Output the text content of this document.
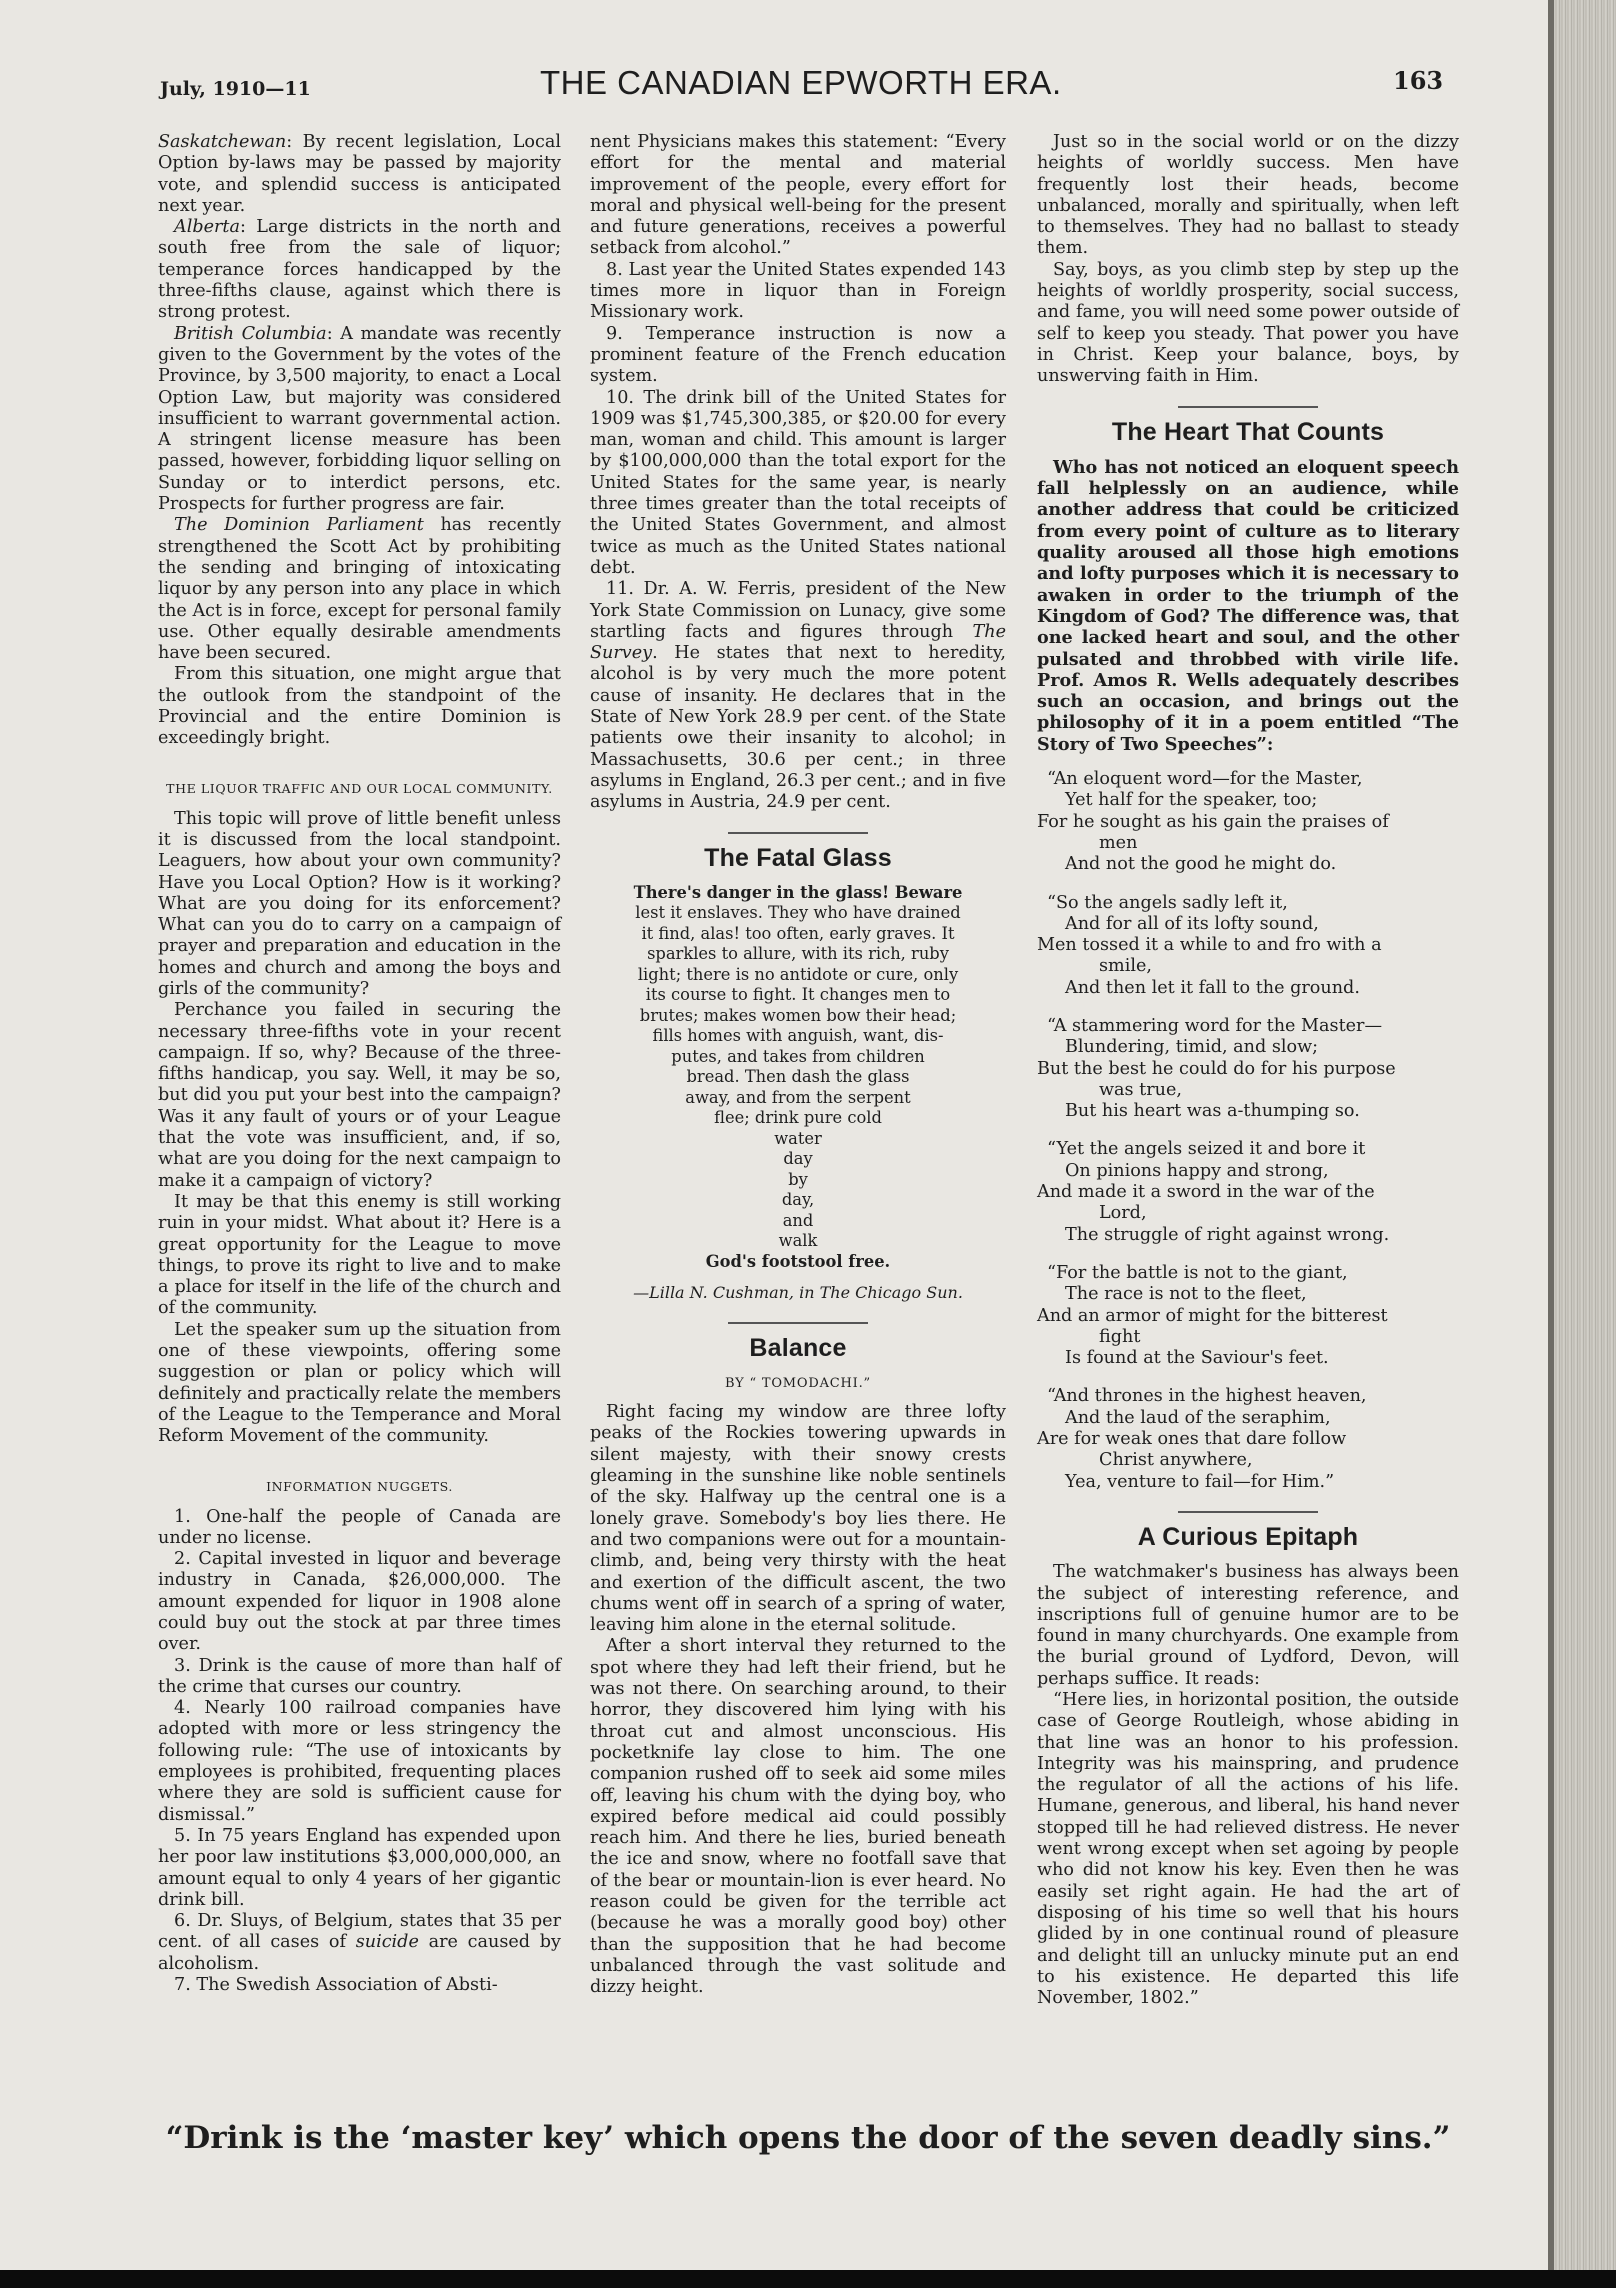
July, 1910—11	THE CANADIAN EPWORTH ERA.	163

Saskatchewan: By recent legislation, Local Option by-laws may be passed by majority vote, and splendid success is anticipated next year.

Alberta: Large districts in the north and south free from the sale of liquor; temperance forces handicapped by the three-fifths clause, against which there is strong protest.

British Columbia: A mandate was recently given to the Government by the votes of the Province, by 3,500 majority, to enact a Local Option Law, but majority was considered insufficient to warrant governmental action. A stringent license measure has been passed, however, forbidding liquor selling on Sunday or to interdict persons, etc. Prospects for further progress are fair.

The Dominion Parliament has recently strengthened the Scott Act by prohibiting the sending and bringing of intoxicating liquor by any person into any place in which the Act is in force, except for personal family use. Other equally desirable amendments have been secured.

From this situation, one might argue that the outlook from the standpoint of the Provincial and the entire Dominion is exceedingly bright.

THE LIQUOR TRAFFIC AND OUR LOCAL COMMUNITY.

This topic will prove of little benefit unless it is discussed from the local standpoint. Leaguers, how about your own community? Have you Local Option? How is it working? What are you doing for its enforcement? What can you do to carry on a campaign of prayer and preparation and education in the homes and church and among the boys and girls of the community?

Perchance you failed in securing the necessary three-fifths vote in your recent campaign. If so, why? Because of the three-fifths handicap, you say. Well, it may be so, but did you put your best into the campaign? Was it any fault of yours or of your League that the vote was insufficient, and, if so, what are you doing for the next campaign to make it a campaign of victory?

It may be that this enemy is still working ruin in your midst. What about it? Here is a great opportunity for the League to move things, to prove its right to live and to make a place for itself in the life of the church and of the community.

Let the speaker sum up the situation from one of these viewpoints, offering some suggestion or plan or policy which will definitely and practically relate the members of the League to the Temperance and Moral Reform Movement of the community.

INFORMATION NUGGETS.

1. One-half the people of Canada are under no license.

2. Capital invested in liquor and beverage industry in Canada, $26,000,000. The amount expended for liquor in 1908 alone could buy out the stock at par three times over.

3. Drink is the cause of more than half of the crime that curses our country.

4. Nearly 100 railroad companies have adopted with more or less stringency the following rule: “The use of intoxicants by employees is prohibited, frequenting places where they are sold is sufficient cause for dismissal.”

5. In 75 years England has expended upon her poor law institutions $3,000,000,000, an amount equal to only 4 years of her gigantic drink bill.

6. Dr. Sluys, of Belgium, states that 35 per cent. of all cases of suicide are caused by alcoholism.

7. The Swedish Association of Absti-

nent Physicians makes this statement: “Every effort for the mental and material improvement of the people, every effort for moral and physical well-being for the present and future generations, receives a powerful setback from alcohol.”

8. Last year the United States expended 143 times more in liquor than in Foreign Missionary work.

9. Temperance instruction is now a prominent feature of the French education system.

10. The drink bill of the United States for 1909 was $1,745,300,385, or $20.00 for every man, woman and child. This amount is larger by $100,000,000 than the total export for the United States for the same year, is nearly three times greater than the total receipts of the United States Government, and almost twice as much as the United States national debt.

11. Dr. A. W. Ferris, president of the New York State Commission on Lunacy, give some startling facts and figures through The Survey. He states that next to heredity, alcohol is by very much the more potent cause of insanity. He declares that in the State of New York 28.9 per cent. of the State patients owe their insanity to alcohol; in Massachusetts, 30.6 per cent.; in three asylums in England, 26.3 per cent.; and in five asylums in Austria, 24.9 per cent.

The Fatal Glass
There's danger in the glass! Beware
lest it enslaves. They who have drained
it find, alas! too often, early graves. It
sparkles to allure, with its rich, ruby
light; there is no antidote or cure, only
its course to fight. It changes men to
brutes; makes women bow their head;
fills homes with anguish, want, dis-
putes, and takes from children
bread. Then dash the glass
away, and from the serpent
flee; drink pure cold
water
day
by
day,
and
walk
God's footstool free.
—Lilla N. Cushman, in The Chicago Sun.
Balance
BY “ TOMODACHI.”

Right facing my window are three lofty peaks of the Rockies towering upwards in silent majesty, with their snowy crests gleaming in the sunshine like noble sentinels of the sky. Halfway up the central one is a lonely grave. Somebody's boy lies there. He and two companions were out for a mountain-climb, and, being very thirsty with the heat and exertion of the difficult ascent, the two chums went off in search of a spring of water, leaving him alone in the eternal solitude.

After a short interval they returned to the spot where they had left their friend, but he was not there. On searching around, to their horror, they discovered him lying with his throat cut and almost unconscious. His pocketknife lay close to him. The one companion rushed off to seek aid some miles off, leaving his chum with the dying boy, who expired before medical aid could possibly reach him. And there he lies, buried beneath the ice and snow, where no footfall save that of the bear or mountain-lion is ever heard. No reason could be given for the terrible act (because he was a morally good boy) other than the supposition that he had become unbalanced through the vast solitude and dizzy height.

Just so in the social world or on the dizzy heights of worldly success. Men have frequently lost their heads, become unbalanced, morally and spiritually, when left to themselves. They had no ballast to steady them.

Say, boys, as you climb step by step up the heights of worldly prosperity, social success, and fame, you will need some power outside of self to keep you steady. That power you have in Christ. Keep your balance, boys, by unswerving faith in Him.

The Heart That Counts

Who has not noticed an eloquent speech fall helplessly on an audience, while another address that could be criticized from every point of culture as to literary quality aroused all those high emotions and lofty purposes which it is necessary to awaken in order to the triumph of the Kingdom of God? The difference was, that one lacked heart and soul, and the other pulsated and throbbed with virile life. Prof. Amos R. Wells adequately describes such an occasion, and brings out the philosophy of it in a poem entitled “The Story of Two Speeches”:

“An eloquent word—for the Master,
Yet half for the speaker, too;
For he sought as his gain the praises of
men
And not the good he might do.
“So the angels sadly left it,
And for all of its lofty sound,
Men tossed it a while to and fro with a
smile,
And then let it fall to the ground.
“A stammering word for the Master—
Blundering, timid, and slow;
But the best he could do for his purpose
was true,
But his heart was a-thumping so.
“Yet the angels seized it and bore it
On pinions happy and strong,
And made it a sword in the war of the
Lord,
The struggle of right against wrong.
“For the battle is not to the giant,
The race is not to the fleet,
And an armor of might for the bitterest
fight
Is found at the Saviour's feet.
“And thrones in the highest heaven,
And the laud of the seraphim,
Are for weak ones that dare follow
Christ anywhere,
Yea, venture to fail—for Him.”
A Curious Epitaph

The watchmaker's business has always been the subject of interesting reference, and inscriptions full of genuine humor are to be found in many churchyards. One example from the burial ground of Lydford, Devon, will perhaps suffice. It reads:

“Here lies, in horizontal position, the outside case of George Routleigh, whose abiding in that line was an honor to his profession. Integrity was his mainspring, and prudence the regulator of all the actions of his life. Humane, generous, and liberal, his hand never stopped till he had relieved distress. He never went wrong except when set agoing by people who did not know his key. Even then he was easily set right again. He had the art of disposing of his time so well that his hours glided by in one continual round of pleasure and delight till an unlucky minute put an end to his existence. He departed this life November, 1802.”

“Drink is the ‘master key’ which opens the door of the seven deadly sins.”
